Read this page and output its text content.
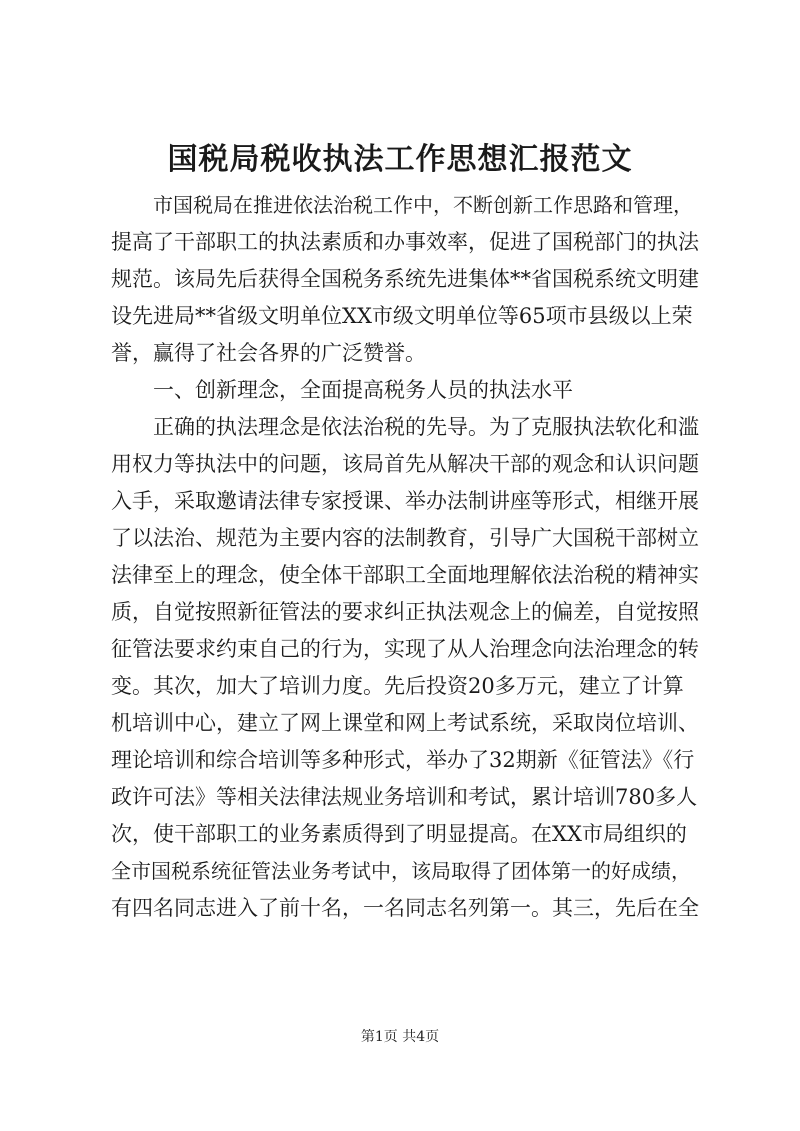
国税局税收执法工作思想汇报范文
市国税局在推进依法治税工作中，不断创新工作思路和管理，
提高了干部职工的执法素质和办事效率，促进了国税部门的执法
规范。该局先后获得全国税务系统先进集体**省国税系统文明建
设先进局**省级文明单位XX市级文明单位等65项市县级以上荣
誉，赢得了社会各界的广泛赞誉。
一、创新理念，全面提高税务人员的执法水平
正确的执法理念是依法治税的先导。为了克服执法软化和滥
用权力等执法中的问题，该局首先从解决干部的观念和认识问题
入手，采取邀请法律专家授课、举办法制讲座等形式，相继开展
了以法治、规范为主要内容的法制教育，引导广大国税干部树立
法律至上的理念，使全体干部职工全面地理解依法治税的精神实
质，自觉按照新征管法的要求纠正执法观念上的偏差，自觉按照
征管法要求约束自己的行为，实现了从人治理念向法治理念的转
变。其次，加大了培训力度。先后投资20多万元，建立了计算
机培训中心，建立了网上课堂和网上考试系统，采取岗位培训、
理论培训和综合培训等多种形式，举办了32期新《征管法》《行
政许可法》等相关法律法规业务培训和考试，累计培训780多人
次，使干部职工的业务素质得到了明显提高。在XX市局组织的
全市国税系统征管法业务考试中，该局取得了团体第一的好成绩，
有四名同志进入了前十名，一名同志名列第一。其三，先后在全
第1页 共4页
